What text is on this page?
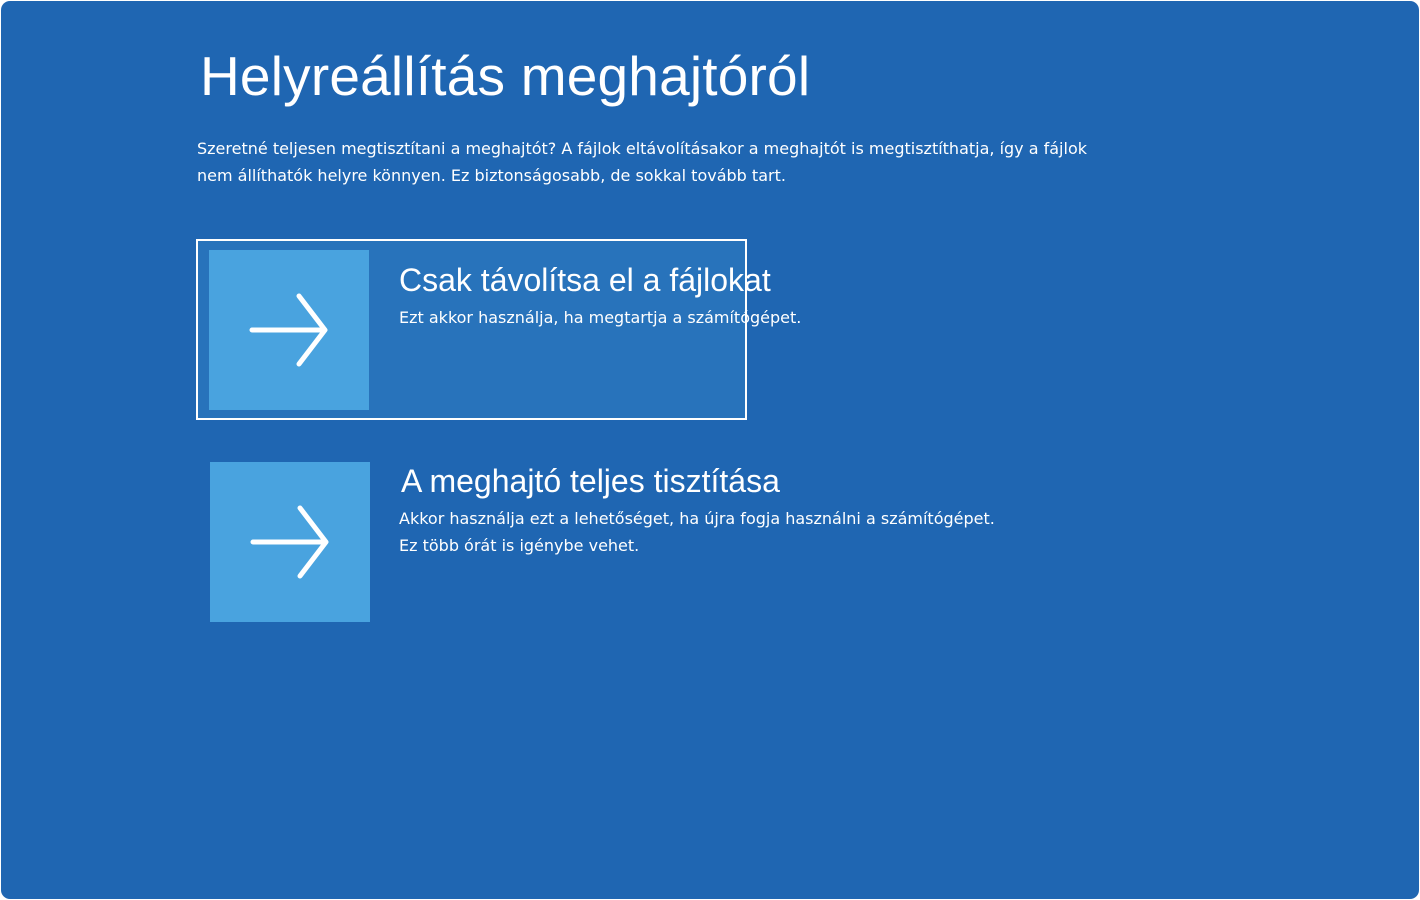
Helyreállítás meghajtóról

Szeretné teljesen megtisztítani a meghajtót? A fájlok eltávolításakor a meghajtót is megtisztíthatja, így a fájlok
nem állíthatók helyre könnyen. Ez biztonságosabb, de sokkal tovább tart.

Csak távolítsa el a fájlokat
Ezt akkor használja, ha megtartja a számítógépet.
A meghajtó teljes tisztítása
Akkor használja ezt a lehetőséget, ha újra fogja használni a számítógépet.
Ez több órát is igénybe vehet.
